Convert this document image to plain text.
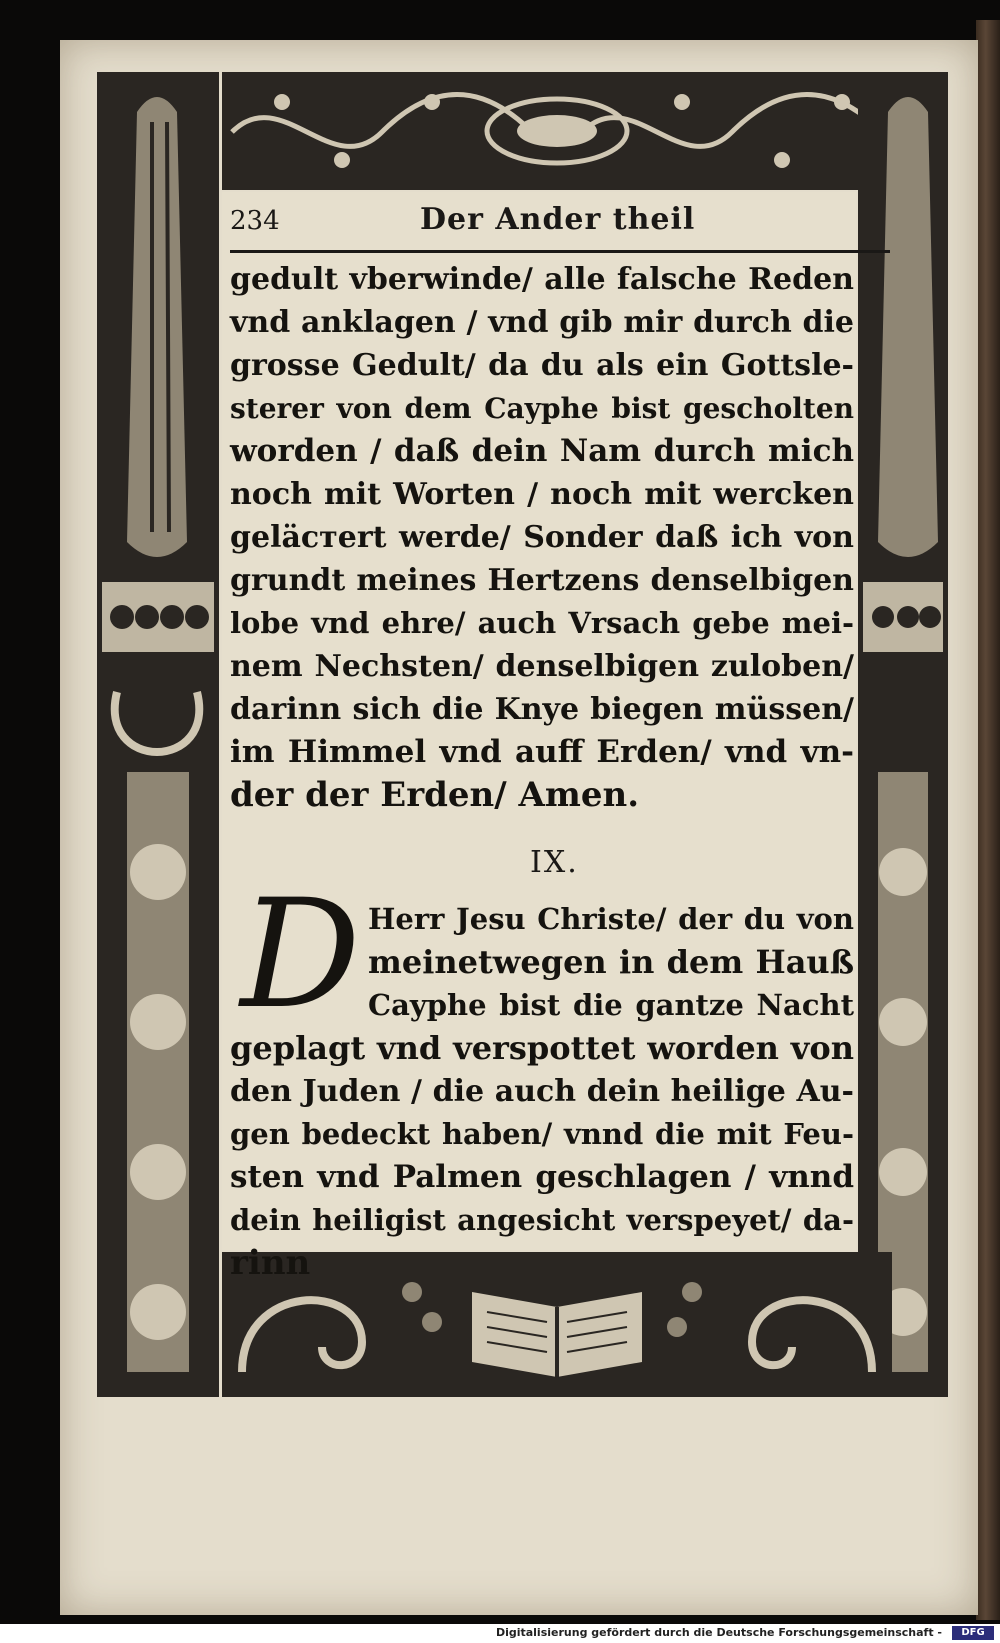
234	Der Ander theil
gedult vberwinde/ alle falsche Reden
vnd anklagen / vnd gib mir durch die
grosse Gedult/ da du als ein Gottsle-
sterer von dem Cayphe bist gescholten
worden / daß dein Nam durch mich
noch mit Worten / noch mit wercken
geläстert werde/ Sonder daß ich von
grundt meines Hertzens denselbigen
lobe vnd ehre/ auch Vrsach gebe mei-
nem Nechsten/ denselbigen zuloben/
darinn sich die Knye biegen müssen/
im Himmel vnd auff Erden/ vnd vn-
der der Erden/ Amen.
IX.
D Herr Jesu Christe/ der du von
meinetwegen in dem Hauß
Cayphe bist die gantze Nacht
geplagt vnd verspottet worden von
den Juden / die auch dein heilige Au-
gen bedeckt haben/ vnnd die mit Feu-
sten vnd Palmen geschlagen / vnnd
dein heiligist angesicht verspeyet/ da-
rinn
Digitalisierung gefördert durch die Deutsche Forschungsgemeinschaft -	DFG
